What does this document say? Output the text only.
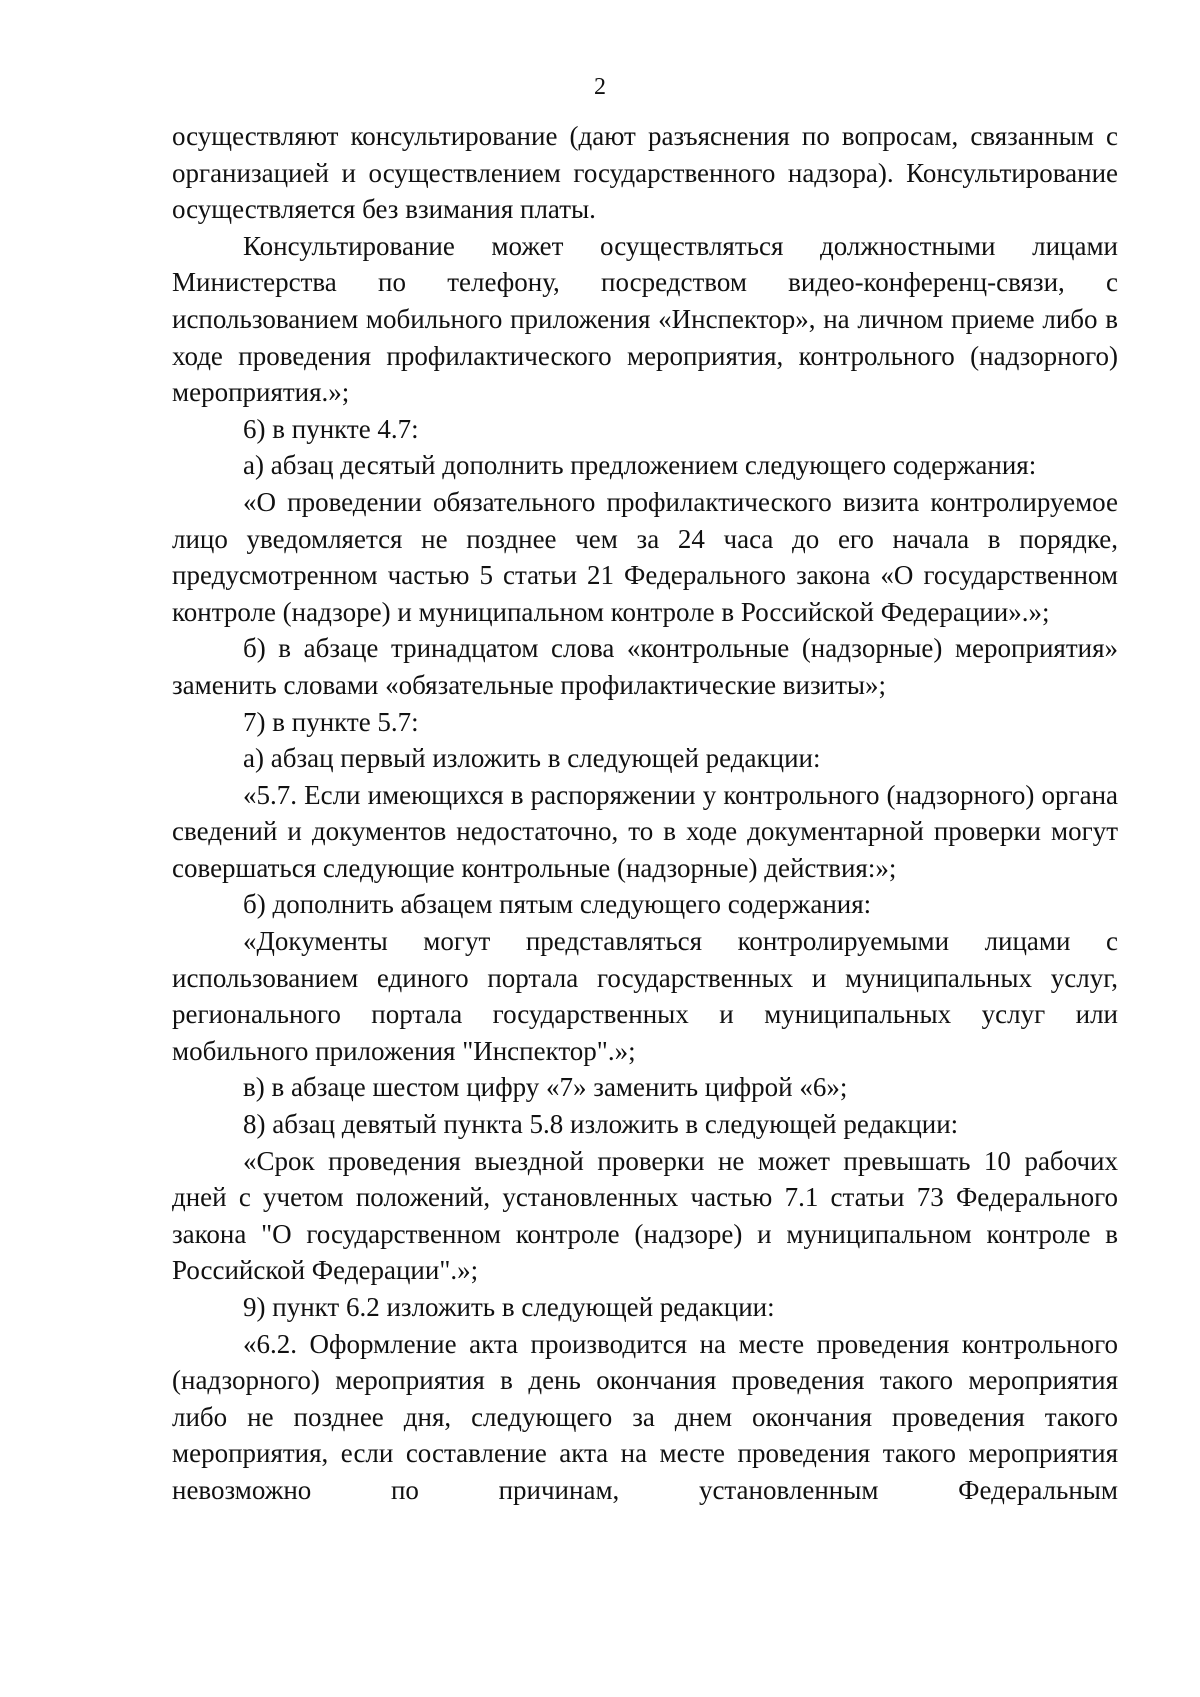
2

осуществляют консультирование (дают разъяснения по вопросам, связанным с организацией и осуществлением государственного надзора). Консультирование осуществляется без взимания платы.

Консультирование может осуществляться должностными лицами Министерства по телефону, посредством видео-конференц-связи, с использованием мобильного приложения «Инспектор», на личном приеме либо в ходе проведения профилактического мероприятия, контрольного (надзорного) мероприятия.»;

6) в пункте 4.7:

а) абзац десятый дополнить предложением следующего содержания:

«О проведении обязательного профилактического визита контролируемое лицо уведомляется не позднее чем за 24 часа до его начала в порядке, предусмотренном частью 5 статьи 21 Федерального закона «О государственном контроле (надзоре) и муниципальном контроле в Российской Федерации».»;

б) в абзаце тринадцатом слова «контрольные (надзорные) мероприятия» заменить словами «обязательные профилактические визиты»;

7) в пункте 5.7:

а) абзац первый изложить в следующей редакции:

«5.7. Если имеющихся в распоряжении у контрольного (надзорного) органа сведений и документов недостаточно, то в ходе документарной проверки могут совершаться следующие контрольные (надзорные) действия:»;

б) дополнить абзацем пятым следующего содержания:

«Документы могут представляться контролируемыми лицами с использованием единого портала государственных и муниципальных услуг, регионального портала государственных и муниципальных услуг или мобильного приложения "Инспектор".»;

в) в абзаце шестом цифру «7» заменить цифрой «6»;

8) абзац девятый пункта 5.8 изложить в следующей редакции:

«Срок проведения выездной проверки не может превышать 10 рабочих дней с учетом положений, установленных частью 7.1 статьи 73 Федерального закона "О государственном контроле (надзоре) и муниципальном контроле в Российской Федерации".»;

9) пункт 6.2 изложить в следующей редакции:

«6.2. Оформление акта производится на месте проведения контрольного (надзорного) мероприятия в день окончания проведения такого мероприятия либо не позднее дня, следующего за днем окончания проведения такого мероприятия, если составление акта на месте проведения такого мероприятия невозможно по причинам, установленным Федеральным
